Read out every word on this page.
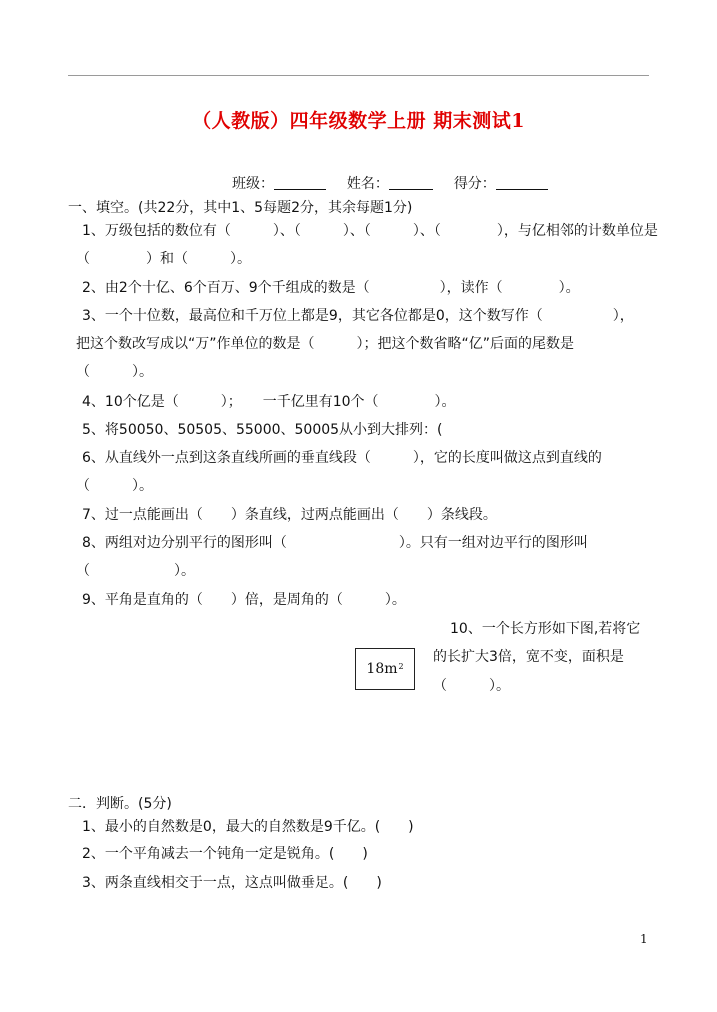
（人教版）四年级数学上册 期末测试1
班级：	姓名：	得分：
一、填空。(共22分，其中1、5每题2分，其余每题1分)
1、万级包括的数位有（　　　）、（　　　）、（　　　）、（　　　　），与亿相邻的计数单位是
（　　　　）和（　　　）。
2、由2个十亿、6个百万、9个千组成的数是（　　　　　），读作（　　　　）。
3、一个十位数，最高位和千万位上都是9，其它各位都是0，这个数写作（　　　　　），
把这个数改写成以“万”作单位的数是（　　　）；把这个数省略“亿”后面的尾数是
（　　　）。
4、10个亿是（　　　）；　　一千亿里有10个（　　　　）。
5、将50050、50505、55000、50005从小到大排列：(
6、从直线外一点到这条直线所画的垂直线段（　　　），它的长度叫做这点到直线的
（　　　）。
7、过一点能画出（　　）条直线，过两点能画出（　　）条线段。
8、两组对边分别平行的图形叫（　　　　　　　　）。只有一组对边平行的图形叫
（　　　　　　）。
9、平角是直角的（　　）倍，是周角的（　　　）。
10、一个长方形如下图,若将它
的长扩大3倍，宽不变，面积是
（　　　）。
$18m^2$
二．判断。(5分)
1、最小的自然数是0，最大的自然数是9千亿。(　　)
2、一个平角减去一个钝角一定是锐角。(　　)
3、两条直线相交于一点，这点叫做垂足。(　　)
1
